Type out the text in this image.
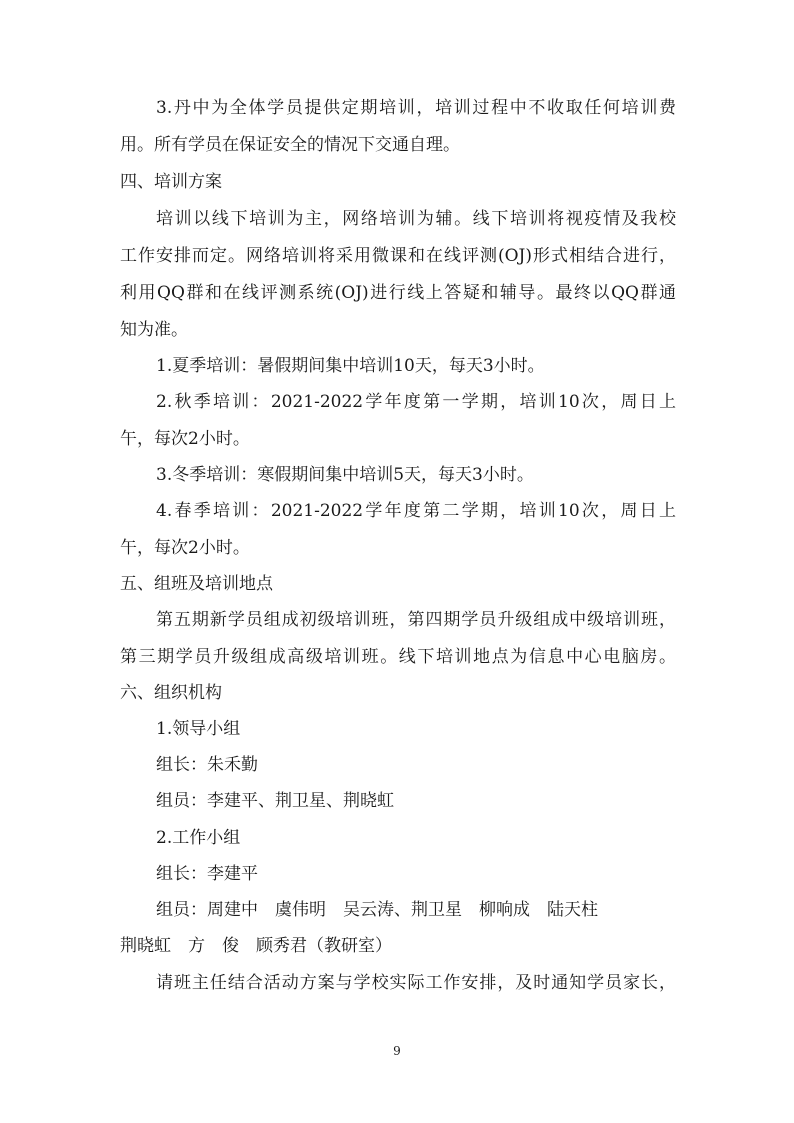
3.丹中为全体学员提供定期培训，培训过程中不收取任何培训费

用。所有学员在保证安全的情况下交通自理。

四、培训方案

培训以线下培训为主，网络培训为辅。线下培训将视疫情及我校

工作安排而定。网络培训将采用微课和在线评测(OJ)形式相结合进行，

利用QQ群和在线评测系统(OJ)进行线上答疑和辅导。最终以QQ群通

知为准。

1.夏季培训：暑假期间集中培训10天，每天3小时。

2.秋季培训：2021-2022学年度第一学期，培训10次，周日上

午，每次2小时。

3.冬季培训：寒假期间集中培训5天，每天3小时。

4.春季培训：2021-2022学年度第二学期，培训10次，周日上

午，每次2小时。

五、组班及培训地点

第五期新学员组成初级培训班，第四期学员升级组成中级培训班，

第三期学员升级组成高级培训班。线下培训地点为信息中心电脑房。

六、组织机构

1.领导小组

组长：朱禾勤

组员：李建平、荆卫星、荆晓虹

2.工作小组

组长：李建平

组员：周建中　虞伟明　吴云涛、荆卫星　柳响成　陆天柱

荆晓虹　方　俊　顾秀君（教研室）

请班主任结合活动方案与学校实际工作安排，及时通知学员家长，

9
